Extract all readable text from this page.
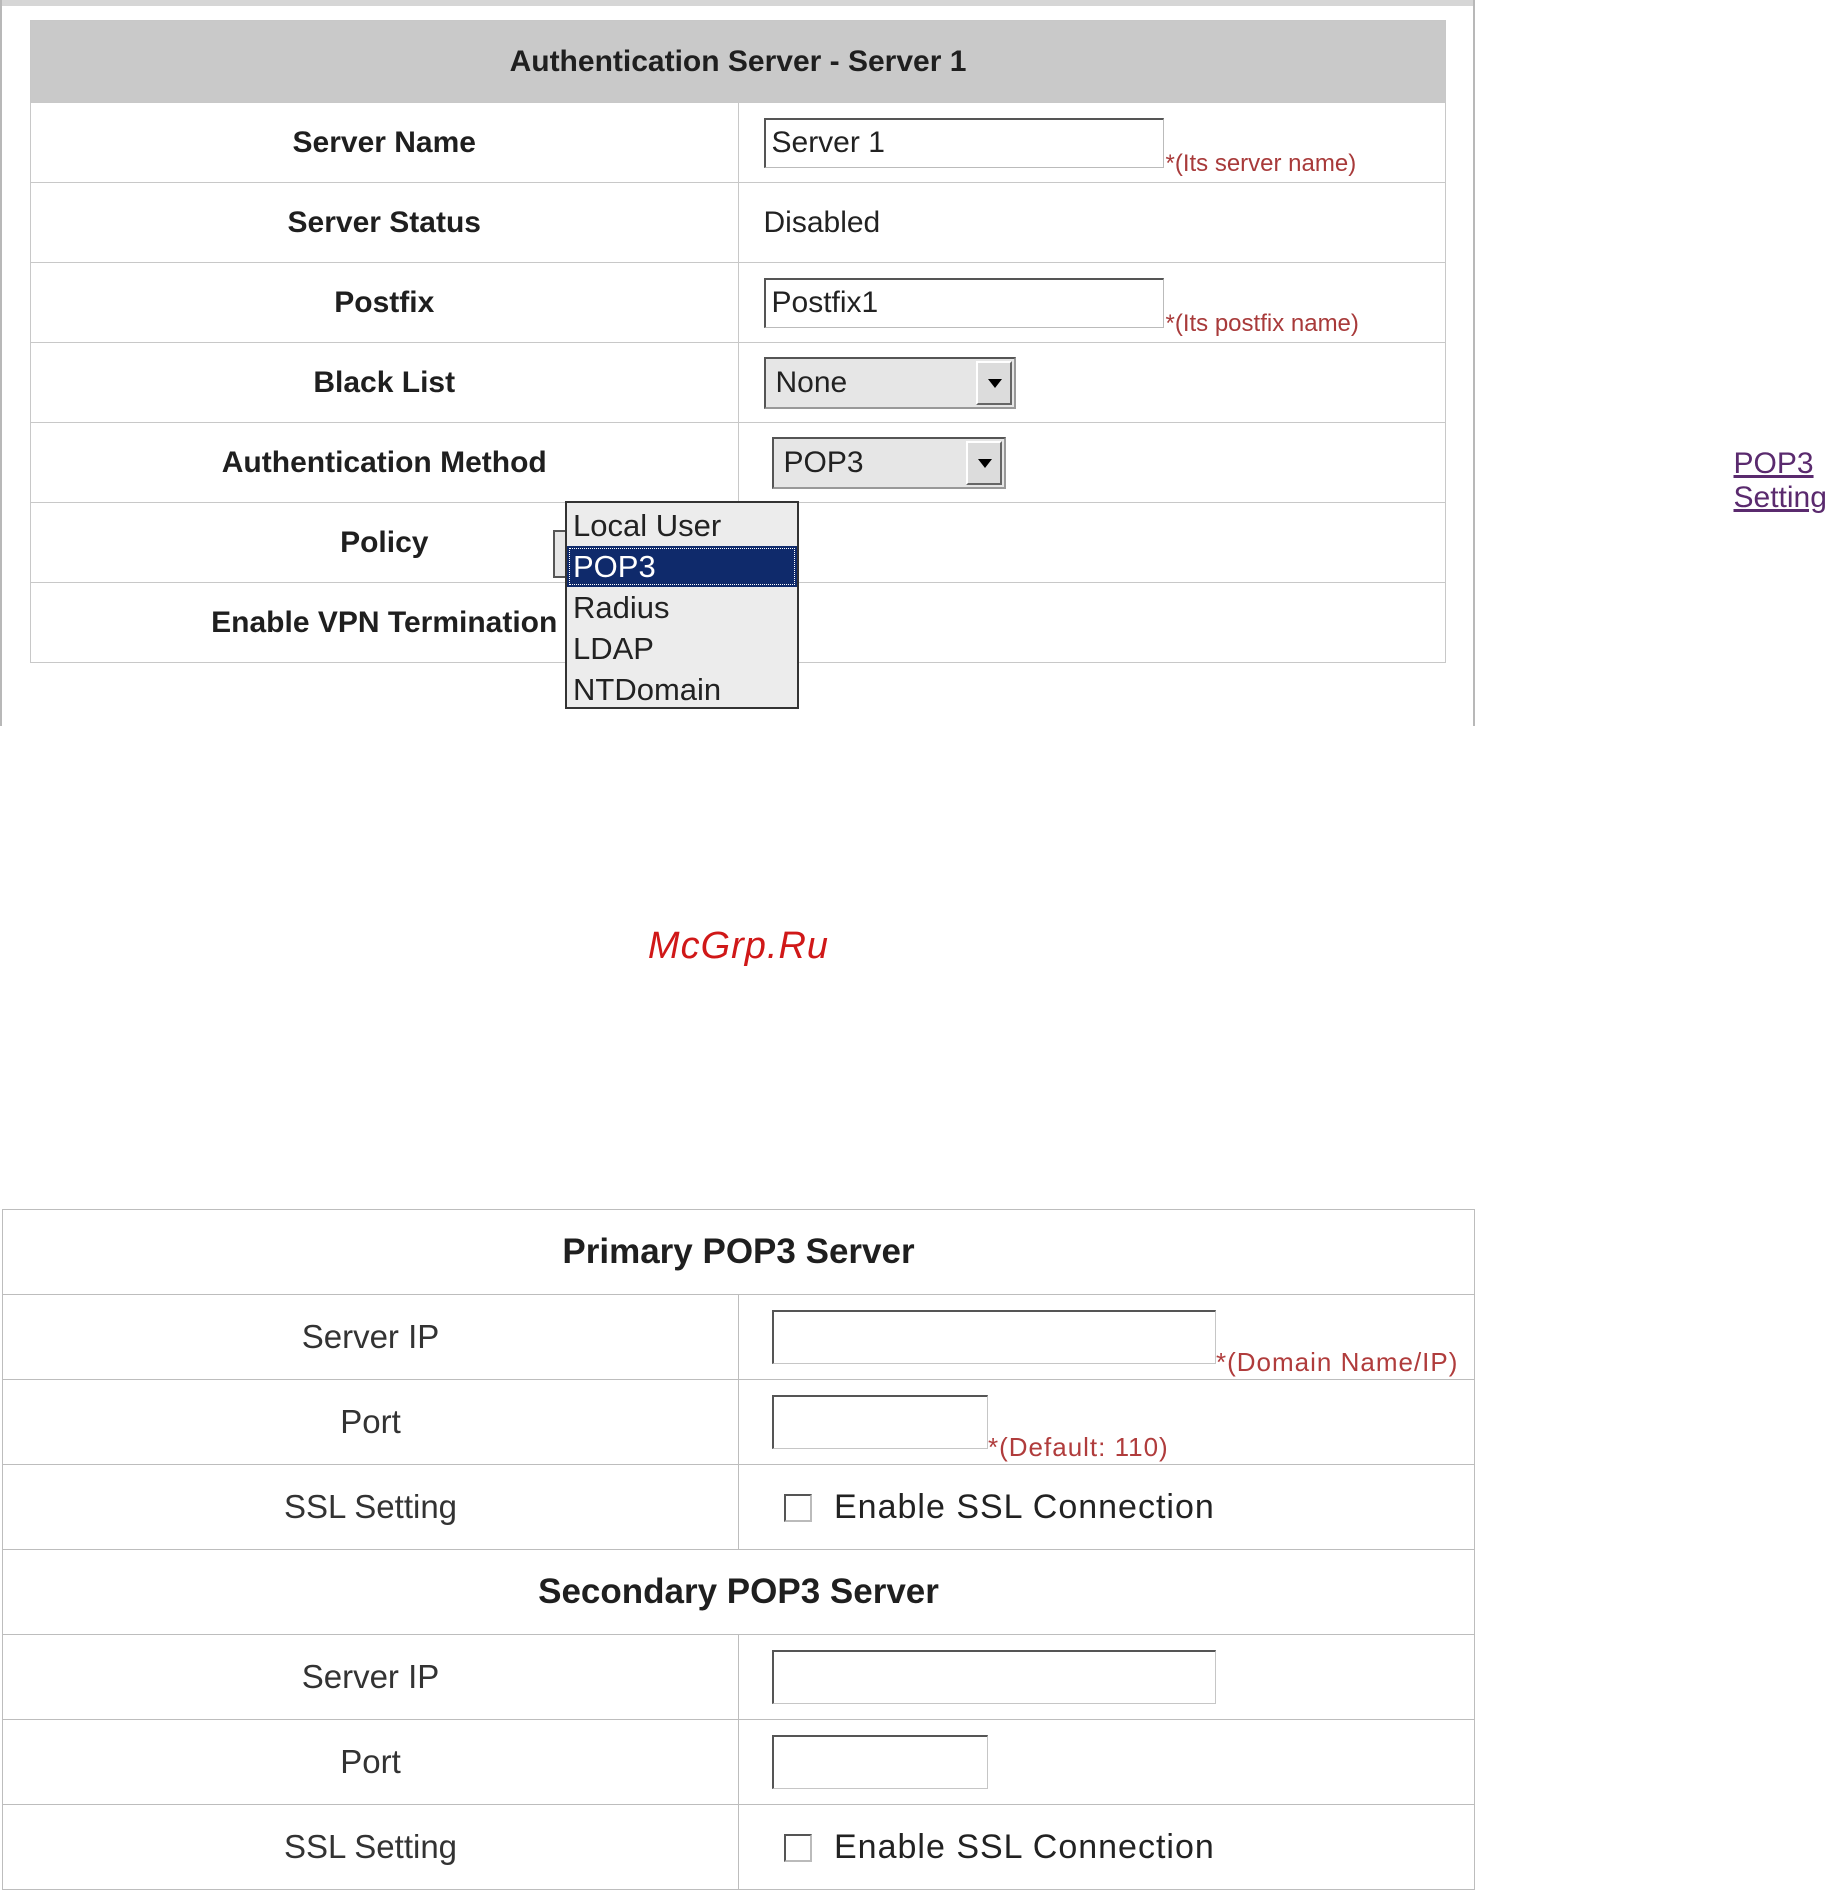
Authentication Server - Server 1	
Server Name	Server 1*(Its server name)
Server Status	Disabled
Postfix	Postfix1*(Its postfix name)
Black List	None

Authentication Method	POP3 POP3 Setting

Policy	
Enable VPN Termination	
Local User
POP3
Radius
LDAP
NTDomain
McGrp.Ru
Primary POP3 Server	
Server IP	*(Domain Name/IP)
Port	*(Default: 110)
SSL Setting	Enable SSL Connection
Secondary POP3 Server	
Server IP	
Port	
SSL Setting	Enable SSL Connection
